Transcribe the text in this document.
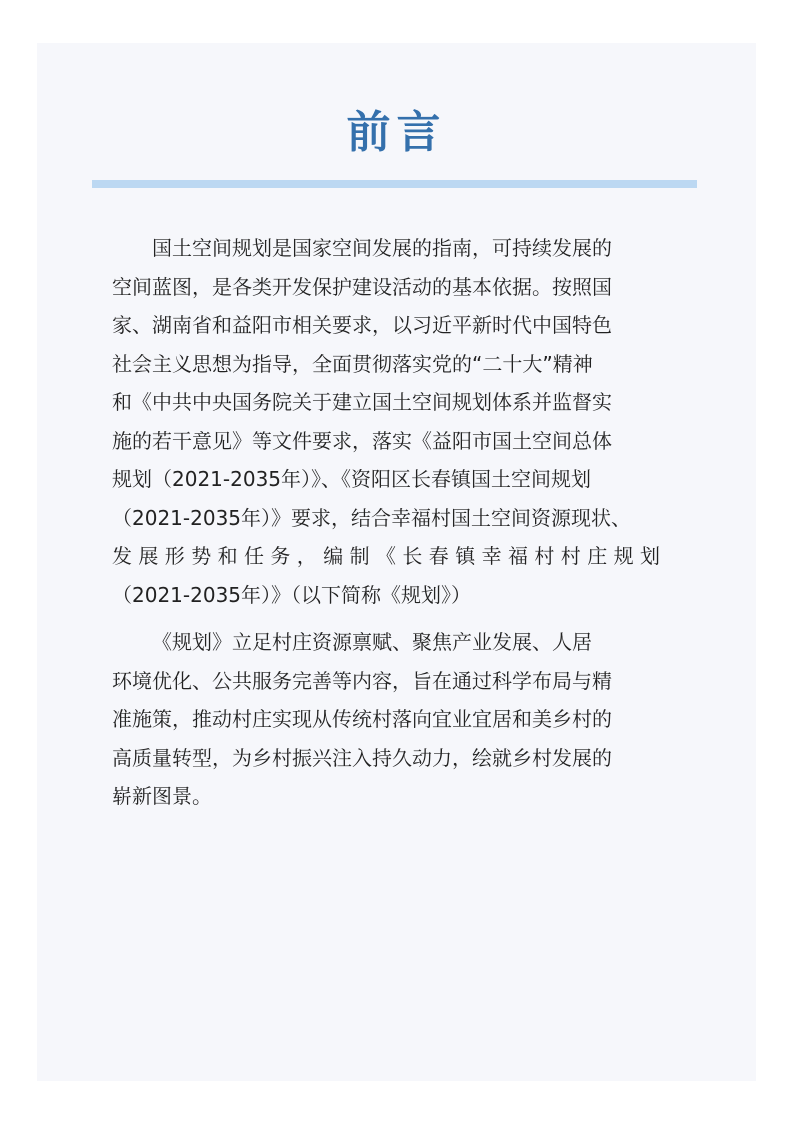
前言

国土空间规划是国家空间发展的指南，可持续发展的

空间蓝图，是各类开发保护建设活动的基本依据。按照国

家、湖南省和益阳市相关要求，以习近平新时代中国特色

社会主义思想为指导，全面贯彻落实党的“二十大”精神

和《中共中央国务院关于建立国土空间规划体系并监督实

施的若干意见》等文件要求，落实《益阳市国土空间总体

规划（2021-2035年）》、《资阳区长春镇国土空间规划

（2021-2035年）》要求，结合幸福村国土空间资源现状、

发展形势和任务，编制《长春镇幸福村村庄规划

（2021-2035年）》（以下简称《规划》）

《规划》立足村庄资源禀赋、聚焦产业发展、人居

环境优化、公共服务完善等内容，旨在通过科学布局与精

准施策，推动村庄实现从传统村落向宜业宜居和美乡村的

高质量转型，为乡村振兴注入持久动力，绘就乡村发展的

崭新图景。
